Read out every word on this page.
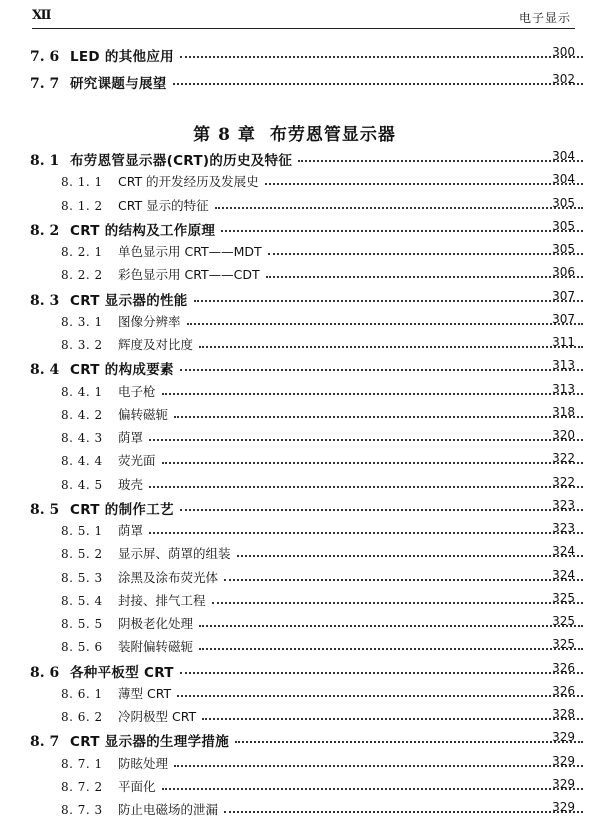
Ⅻ	电子显示
7. 6 LED 的其他应用	300
7. 7 研究课题与展望	302
第 8 章 布劳恩管显示器
8. 1 布劳恩管显示器(CRT)的历史及特征	304
8. 1. 1	CRT 的开发经历及发展史	304
8. 1. 2	CRT 显示的特征	305
8. 2 CRT 的结构及工作原理	305
8. 2. 1	单色显示用 CRT——MDT	305
8. 2. 2	彩色显示用 CRT——CDT	306
8. 3 CRT 显示器的性能	307
8. 3. 1	图像分辨率	307
8. 3. 2	辉度及对比度	311
8. 4 CRT 的构成要素	313
8. 4. 1	电子枪	313
8. 4. 2	偏转磁轭	318
8. 4. 3	荫罩	320
8. 4. 4	荧光面	322
8. 4. 5	玻壳	322
8. 5 CRT 的制作工艺	323
8. 5. 1	荫罩	323
8. 5. 2	显示屏、荫罩的组装	324
8. 5. 3	涂黑及涂布荧光体	324
8. 5. 4	封接、排气工程	325
8. 5. 5	阴极老化处理	325
8. 5. 6	装附偏转磁轭	325
8. 6 各种平板型 CRT	326
8. 6. 1	薄型 CRT	326
8. 6. 2	冷阴极型 CRT	328
8. 7 CRT 显示器的生理学措施	329
8. 7. 1	防眩处理	329
8. 7. 2	平面化	329
8. 7. 3	防止电磁场的泄漏	329
